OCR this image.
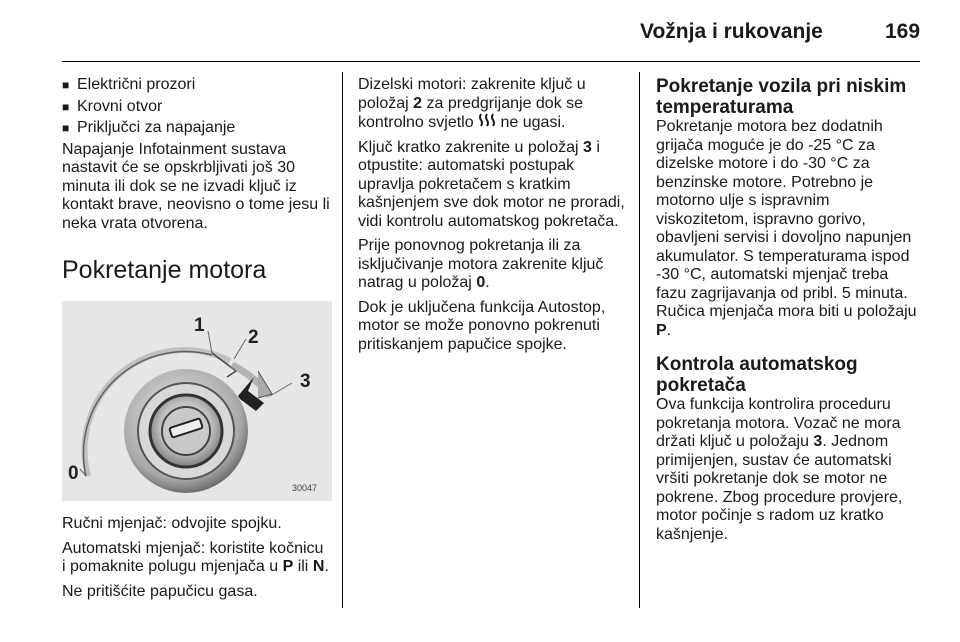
Vožnja i rukovanje	169
■ Električni prozori
■ Krovni otvor
■ Priključci za napajanje

Napajanje Infotainment sustava nastavit će se opskrbljivati još 30 minuta ili dok se ne izvadi ključ iz kontakt brave, neovisno o tome jesu li neka vrata otvorena.

Pokretanje motora
1
2
3
0
30047

Ručni mjenjač: odvojite spojku.

Automatski mjenjač: koristite kočnicu i pomaknite polugu mjenjača u P ili N.

Ne pritišćite papučicu gasa.

Dizelski motori: zakrenite ključ u položaj 2 za predgrijanje dok se kontrolno svjetlo  ne ugasi.

Ključ kratko zakrenite u položaj 3 i otpustite: automatski postupak upravlja pokretačem s kratkim kašnjenjem sve dok motor ne proradi, vidi kontrolu automatskog pokretača.

Prije ponovnog pokretanja ili za isključivanje motora zakrenite ključ natrag u položaj 0.

Dok je uključena funkcija Autostop, motor se može ponovno pokrenuti pritiskanjem papučice spojke.

Pokretanje vozila pri niskim temperaturama

Pokretanje motora bez dodatnih grijača moguće je do -25 °C za dizelske motore i do -30 °C za benzinske motore. Potrebno je motorno ulje s ispravnim viskozitetom, ispravno gorivo, obavljeni servisi i dovoljno napunjen akumulator. S temperaturama ispod -30 °C, automatski mjenjač treba fazu zagrijavanja od pribl. 5 minuta. Ručica mjenjača mora biti u položaju P.

Kontrola automatskog pokretača

Ova funkcija kontrolira proceduru pokretanja motora. Vozač ne mora držati ključ u položaju 3. Jednom primijenjen, sustav će automatski vršiti pokretanje dok se motor ne pokrene. Zbog procedure provjere, motor počinje s radom uz kratko kašnjenje.
